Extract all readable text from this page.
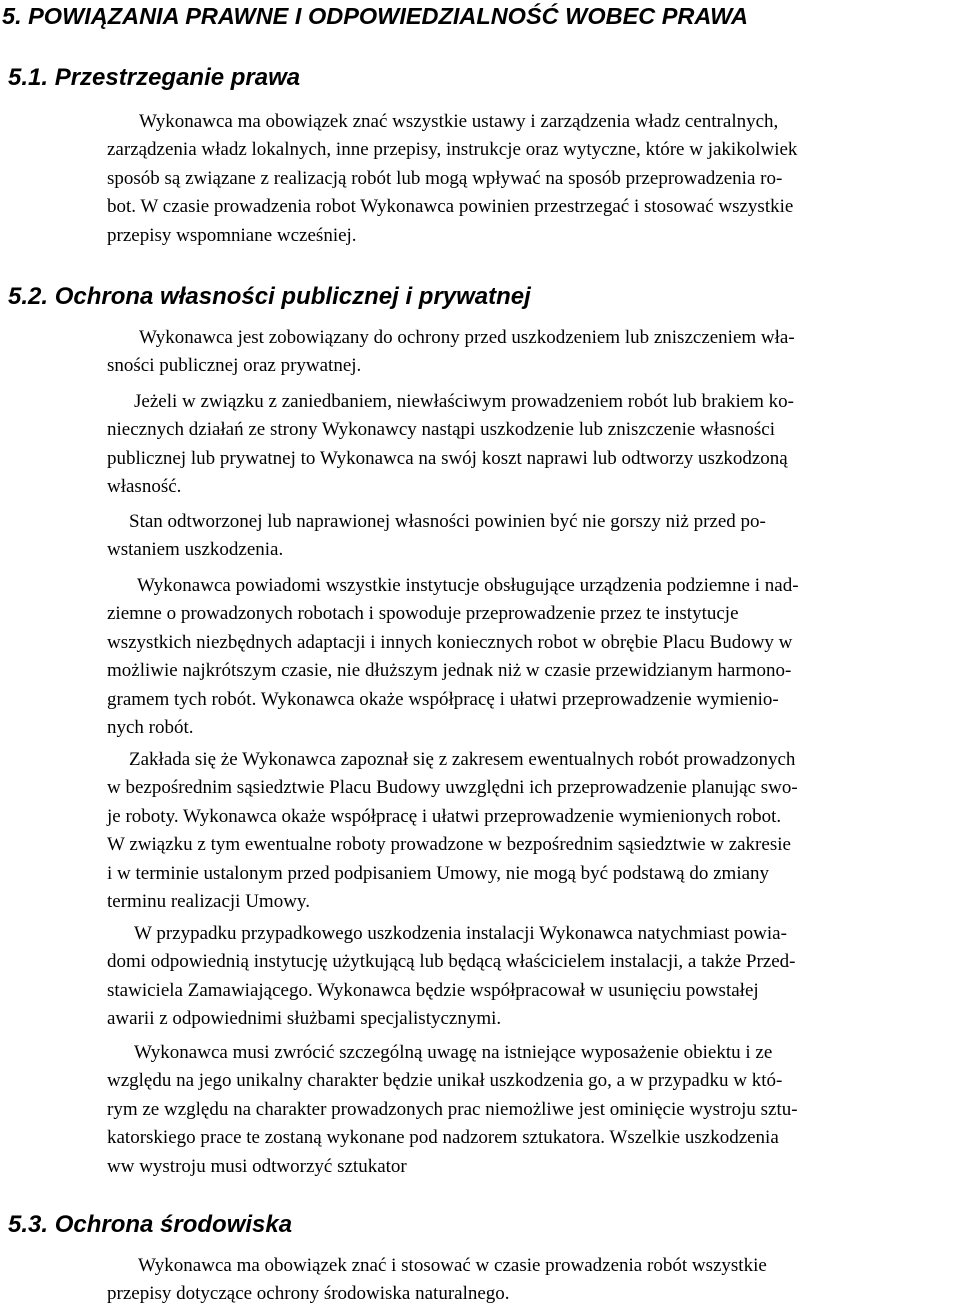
5. POWIĄZANIA PRAWNE I ODPOWIEDZIALNOŚĆ WOBEC PRAWA
5.1. Przestrzeganie prawa
Wykonawca ma obowiązek znać wszystkie ustawy i zarządzenia władz centralnych,
zarządzenia władz lokalnych, inne przepisy, instrukcje oraz wytyczne, które w jakikolwiek
sposób są związane z realizacją robót lub mogą wpływać na sposób przeprowadzenia ro-
bot. W czasie prowadzenia robot Wykonawca powinien przestrzegać i stosować wszystkie
przepisy wspomniane wcześniej.
5.2. Ochrona własności publicznej i prywatnej
Wykonawca jest zobowiązany do ochrony przed uszkodzeniem lub zniszczeniem wła-
sności publicznej oraz prywatnej.
Jeżeli w związku z zaniedbaniem, niewłaściwym prowadzeniem robót lub brakiem ko-
niecznych działań ze strony Wykonawcy nastąpi uszkodzenie lub zniszczenie własności
publicznej lub prywatnej to Wykonawca na swój koszt naprawi lub odtworzy uszkodzoną
własność.
Stan odtworzonej lub naprawionej własności powinien być nie gorszy niż przed po-
wstaniem uszkodzenia.
Wykonawca powiadomi wszystkie instytucje obsługujące urządzenia podziemne i nad-
ziemne o prowadzonych robotach i spowoduje przeprowadzenie przez te instytucje
wszystkich niezbędnych adaptacji i innych koniecznych robot w obrębie Placu Budowy w
możliwie najkrótszym czasie, nie dłuższym jednak niż w czasie przewidzianym harmono-
gramem tych robót. Wykonawca okaże współpracę i ułatwi przeprowadzenie wymienio-
nych robót.
Zakłada się że Wykonawca zapoznał się z zakresem ewentualnych robót prowadzonych
w bezpośrednim sąsiedztwie Placu Budowy uwzględni ich przeprowadzenie planując swo-
je roboty. Wykonawca okaże współpracę i ułatwi przeprowadzenie wymienionych robot.
W związku z tym ewentualne roboty prowadzone w bezpośrednim sąsiedztwie w zakresie
i w terminie ustalonym przed podpisaniem Umowy, nie mogą być podstawą do zmiany
terminu realizacji Umowy.
W przypadku przypadkowego uszkodzenia instalacji Wykonawca natychmiast powia-
domi odpowiednią instytucję użytkującą lub będącą właścicielem instalacji, a także Przed-
stawiciela Zamawiającego. Wykonawca będzie współpracował w usunięciu powstałej
awarii z odpowiednimi służbami specjalistycznymi.
Wykonawca musi zwrócić szczególną uwagę na istniejące wyposażenie obiektu i ze
względu na jego unikalny charakter będzie unikał uszkodzenia go, a w przypadku w któ-
rym ze względu na charakter prowadzonych prac niemożliwe jest ominięcie wystroju sztu-
katorskiego prace te zostaną wykonane pod nadzorem sztukatora. Wszelkie uszkodzenia
ww wystroju musi odtworzyć sztukator
5.3. Ochrona środowiska
Wykonawca ma obowiązek znać i stosować w czasie prowadzenia robót wszystkie
przepisy dotyczące ochrony środowiska naturalnego.
